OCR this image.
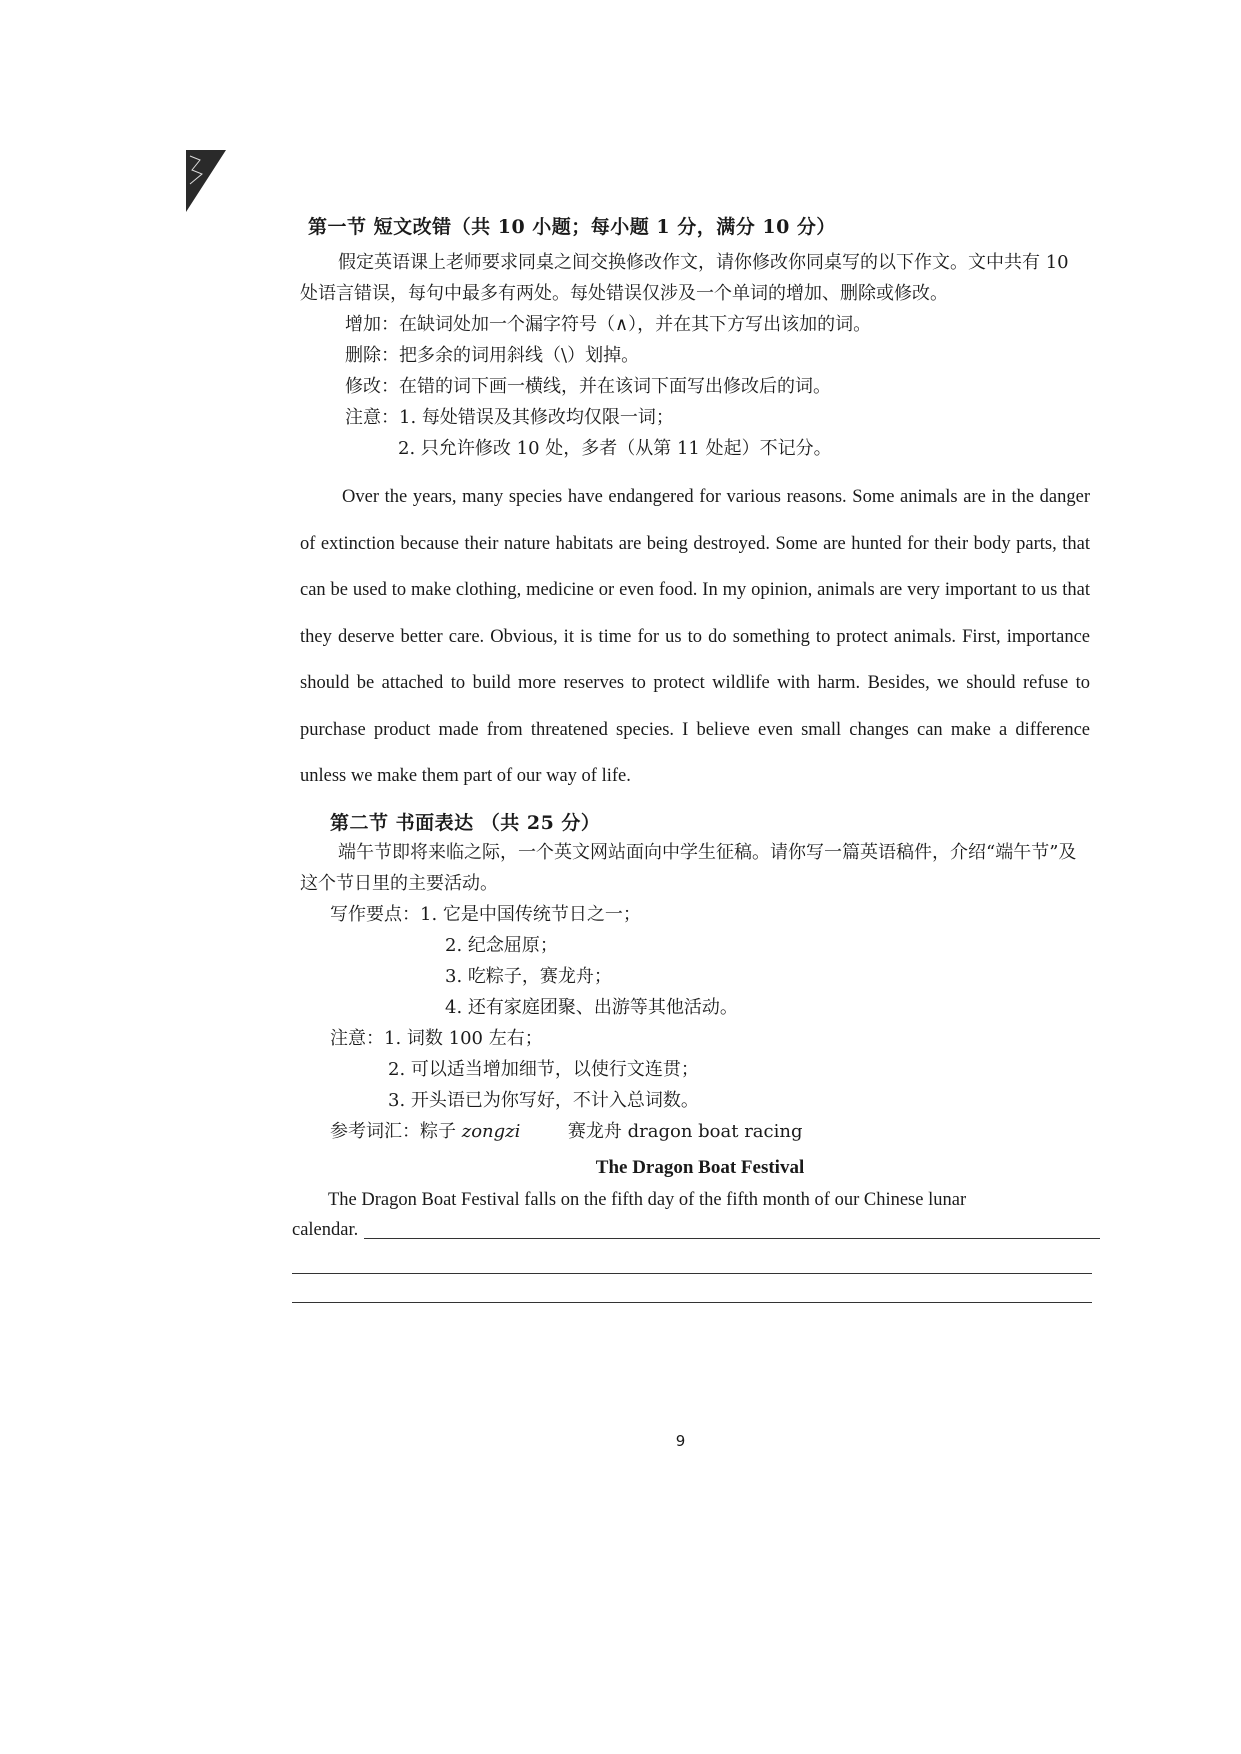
第一节 短文改错（共 10 小题；每小题 1 分，满分 10 分）

假定英语课上老师要求同桌之间交换修改作文，请你修改你同桌写的以下作文。文中共有 10 处语言错误，每句中最多有两处。每处错误仅涉及一个单词的增加、删除或修改。

增加：在缺词处加一个漏字符号（∧），并在其下方写出该加的词。
删除：把多余的词用斜线（\）划掉。
修改：在错的词下画一横线，并在该词下面写出修改后的词。
注意：1. 每处错误及其修改均仅限一词；
2. 只允许修改 10 处，多者（从第 11 处起）不记分。

Over the years, many species have endangered for various reasons. Some animals are in the danger of extinction because their nature habitats are being destroyed. Some are hunted for their body parts, that can be used to make clothing, medicine or even food. In my opinion, animals are very important to us that they deserve better care. Obvious, it is time for us to do something to protect animals. First, importance should be attached to build more reserves to protect wildlife with harm. Besides, we should refuse to purchase product made from threatened species. I believe even small changes can make a difference unless we make them part of our way of life.

第二节 书面表达 （共 25 分）

端午节即将来临之际，一个英文网站面向中学生征稿。请你写一篇英语稿件，介绍“端午节”及这个节日里的主要活动。

写作要点：1. 它是中国传统节日之一；
2. 纪念屈原；
3. 吃粽子，赛龙舟；
4. 还有家庭团聚、出游等其他活动。
注意：1. 词数 100 左右；
2. 可以适当增加细节，以使行文连贯；
3. 开头语已为你写好，不计入总词数。
参考词汇：粽子 zongzi	赛龙舟 dragon boat racing
The Dragon Boat Festival

The Dragon Boat Festival falls on the fifth day of the fifth month of our Chinese lunar

calendar.
9
